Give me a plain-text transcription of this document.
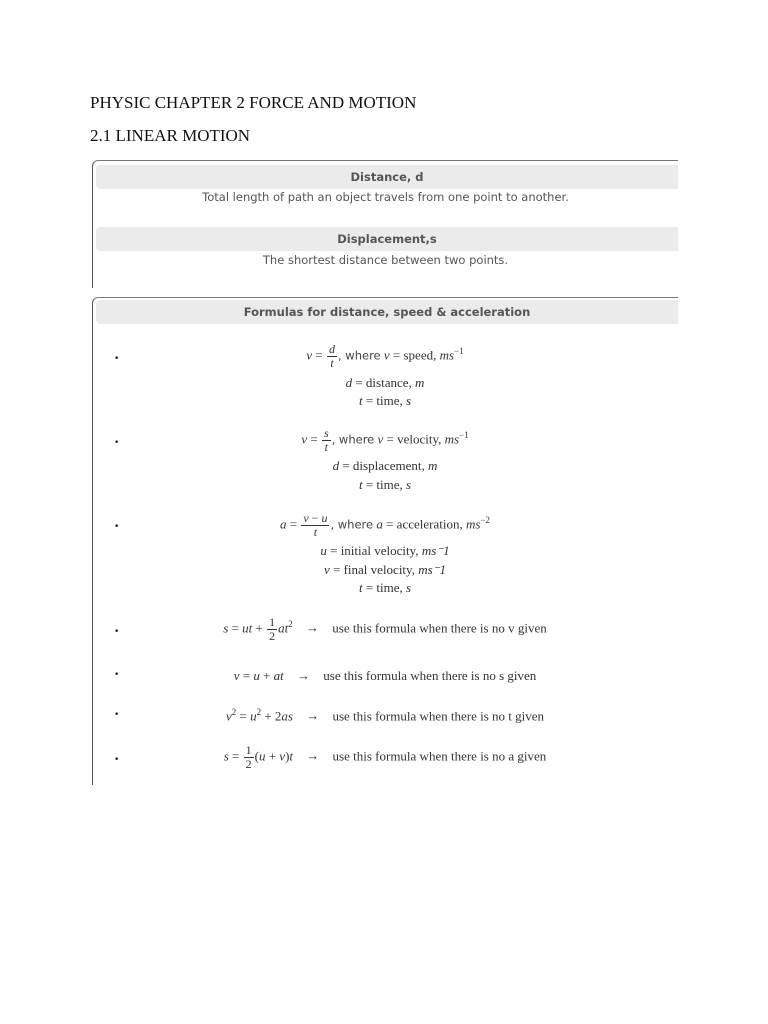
PHYSIC CHAPTER 2 FORCE AND MOTION
2.1 LINEAR MOTION
Distance, d
Total length of path an object travels from one point to another.
Displacement,s
The shortest distance between two points.
Formulas for distance, speed & acceleration
•	$v = \frac{d}{t}$ , where v = speed, $ms^{-1}$
d = distance, m
t = time, s
•	$v = \frac{s}{t}$ , where v = velocity, $ms^{-1}$
d = displacement, m
t = time, s
•	$a = \frac{v - u}{t}$ , where a = acceleration, $ms^{-2}$
u = initial velocity, ms⁻1
v = final velocity, ms⁻1
t = time, s
•	s = ut + $\frac{1}{2} at^2$ → use this formula when there is no v given
•	v = u + at → use this formula when there is no s given
•	$v^2 = u^2 + 2as$ → use this formula when there is no t given
•	$s = \frac{1}{2} (u + v)t$ → use this formula when there is no a given
